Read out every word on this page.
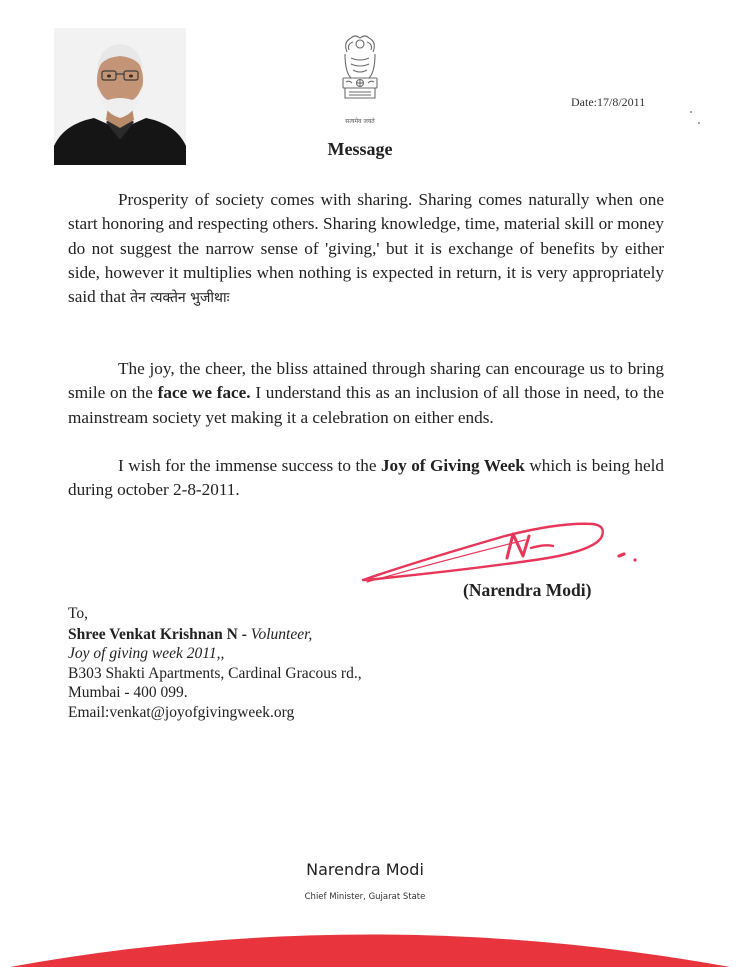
सत्यमेव जयते
Date:17/8/2011
Message
Prosperity of society comes with sharing. Sharing comes naturally when one start honoring and respecting others. Sharing knowledge, time, material skill or money do not suggest the narrow sense of 'giving,' but it is exchange of benefits by either side, however it multiplies when nothing is expected in return, it is very appropriately said that तेन त्यक्तेन भुजीथाः
The joy, the cheer, the bliss attained through sharing can encourage us to bring smile on the face we face. I understand this as an inclusion of all those in need, to the mainstream society yet making it a celebration on either ends.
I wish for the immense success to the Joy of Giving Week which is being held during october 2-8-2011.
(Narendra Modi)
To,
Shree Venkat Krishnan N - Volunteer,
Joy of giving week 2011,,
B303 Shakti Apartments, Cardinal Gracous rd.,
Mumbai - 400 099.
Email:venkat@joyofgivingweek.org
Narendra Modi
Chief Minister, Gujarat State
